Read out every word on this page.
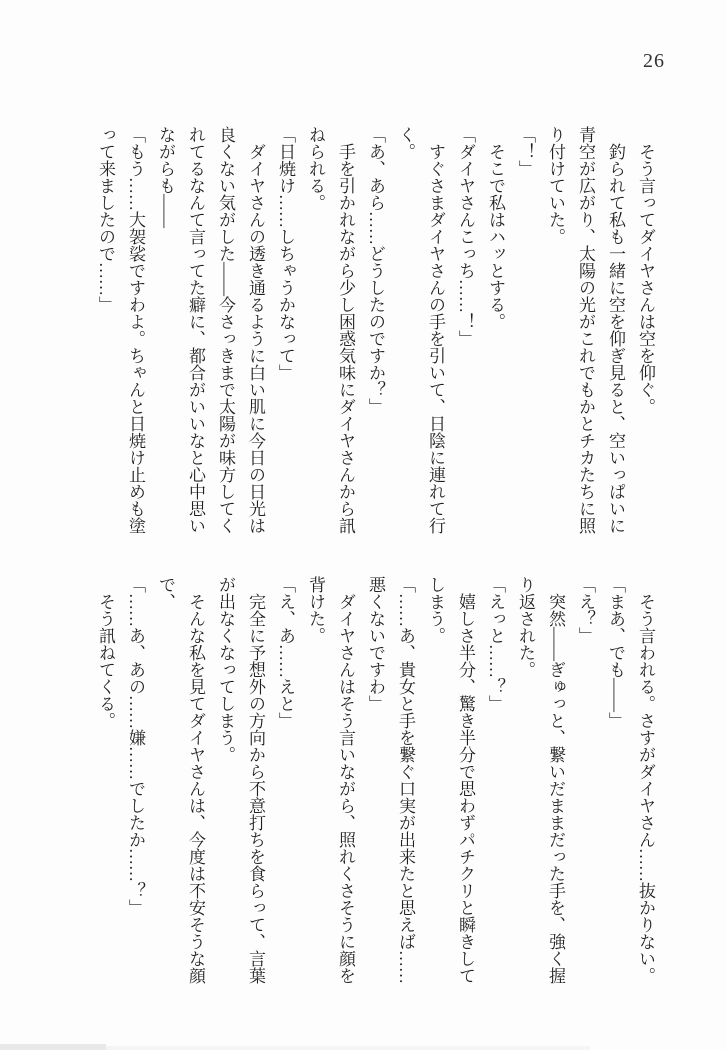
26

そう言ってダイヤさんは空を仰ぐ。

釣られて私も一緒に空を仰ぎ見ると、空いっぱいに青空が広がり、太陽の光がこれでもかとチカたちに照り付けていた。

「！」

そこで私はハッとする。

「ダイヤさんこっち……！」

すぐさまダイヤさんの手を引いて、日陰に連れて行く。

「あ、あら……どうしたのですか？」

手を引かれながら少し困惑気味にダイヤさんから訊ねられる。

「日焼け……しちゃうかなって」

ダイヤさんの透き通るように白い肌に今日の日光は良くない気がした――今さっきまで太陽が味方してくれてるなんて言ってた癖に、都合がいいなと心中思いながらも――

「もう……大袈裟ですわよ。ちゃんと日焼け止めも塗って来ましたので……」

そう言われる。さすがダイヤさん……抜かりない。

「まあ、でも――」

「え？」

突然――ぎゅっと、繋いだままだった手を、強く握り返された。

「えっと……？」

嬉しさ半分、驚き半分で思わずパチクリと瞬きしてしまう。

「……あ、貴女と手を繋ぐ口実が出来たと思えば……悪くないですわ」

ダイヤさんはそう言いながら、照れくさそうに顔を背けた。

「え、あ……えと」

完全に予想外の方向から不意打ちを食らって、言葉が出なくなってしまう。

そんな私を見てダイヤさんは、今度は不安そうな顔で、

「……あ、あの……嫌……でしたか……？」

そう訊ねてくる。
